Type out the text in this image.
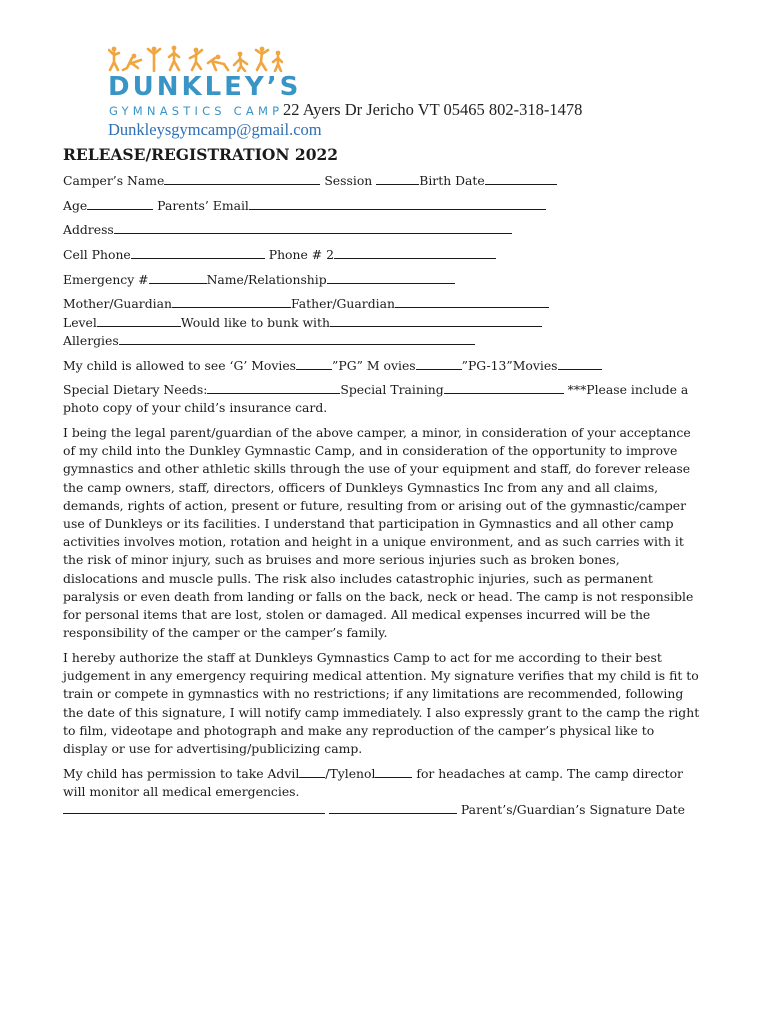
DUNKLEY’S
GYMNASTICS CAMP 22 Ayers Dr Jericho VT 05465 802-318-1478
Dunkleysgymcamp@gmail.com
RELEASE/REGISTRATION 2022
Camper’s Name	Session	Birth Date
Age	Parents’ Email
Address
Cell Phone	Phone # 2
Emergency #	Name/Relationship
Mother/Guardian	Father/Guardian
Level	Would like to bunk with
Allergies
My child is allowed to see ‘G’ Movies	”PG” M ovies	”PG-13”Movies
Special Dietary Needs:	Special Training	***Please include a
photo copy of your child’s insurance card.
I being the legal parent/guardian of the above camper, a minor, in consideration of your acceptance
of my child into the Dunkley Gymnastic Camp, and in consideration of the opportunity to improve
gymnastics and other athletic skills through the use of your equipment and staff, do forever release
the camp owners, staff, directors, officers of Dunkleys Gymnastics Inc from any and all claims,
demands, rights of action, present or future, resulting from or arising out of the gymnastic/camper
use of Dunkleys or its facilities. I understand that participation in Gymnastics and all other camp
activities involves motion, rotation and height in a unique environment, and as such carries with it
the risk of minor injury, such as bruises and more serious injuries such as broken bones,
dislocations and muscle pulls. The risk also includes catastrophic injuries, such as permanent
paralysis or even death from landing or falls on the back, neck or head. The camp is not responsible
for personal items that are lost, stolen or damaged. All medical expenses incurred will be the
responsibility of the camper or the camper’s family.
I hereby authorize the staff at Dunkleys Gymnastics Camp to act for me according to their best
judgement in any emergency requiring medical attention. My signature verifies that my child is fit to
train or compete in gymnastics with no restrictions; if any limitations are recommended, following
the date of this signature, I will notify camp immediately. I also expressly grant to the camp the right
to film, videotape and photograph and make any reproduction of the camper’s physical like to
display or use for advertising/publicizing camp.
My child has permission to take Advil /Tylenol	for headaches at camp. The camp director
will monitor all medical emergencies.
Parent’s/Guardian’s Signature Date
